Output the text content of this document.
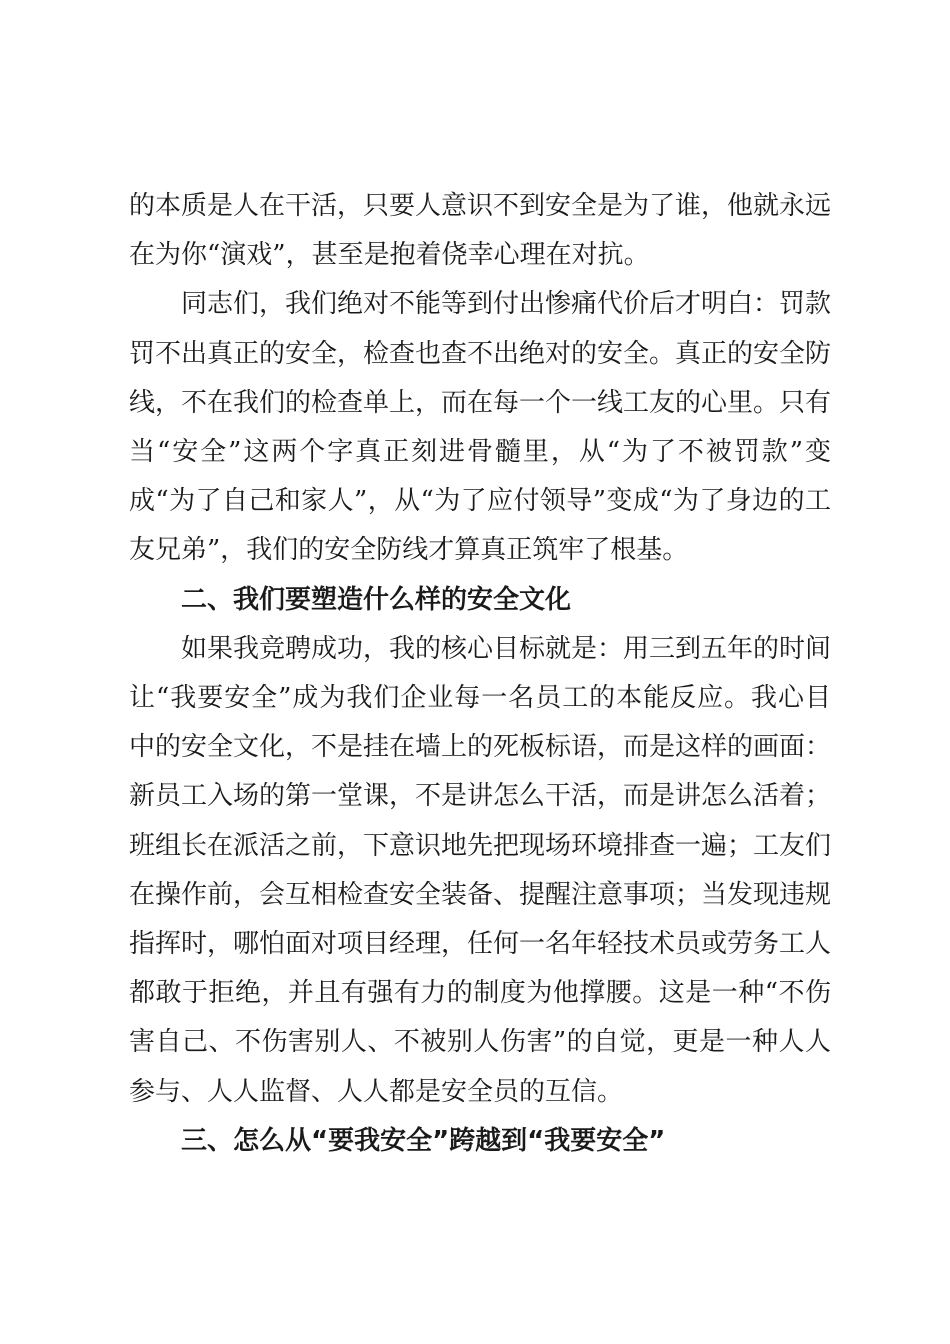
的本质是人在干活，只要人意识不到安全是为了谁，他就永远在为你“演戏”，甚至是抱着侥幸心理在对抗。

同志们，我们绝对不能等到付出惨痛代价后才明白：罚款罚不出真正的安全，检查也查不出绝对的安全。真正的安全防线，不在我们的检查单上，而在每一个一线工友的心里。只有当“安全”这两个字真正刻进骨髓里，从“为了不被罚款”变成“为了自己和家人”，从“为了应付领导”变成“为了身边的工友兄弟”，我们的安全防线才算真正筑牢了根基。

二、我们要塑造什么样的安全文化

如果我竞聘成功，我的核心目标就是：用三到五年的时间让“我要安全”成为我们企业每一名员工的本能反应。我心目中的安全文化，不是挂在墙上的死板标语，而是这样的画面：新员工入场的第一堂课，不是讲怎么干活，而是讲怎么活着；班组长在派活之前，下意识地先把现场环境排查一遍；工友们在操作前，会互相检查安全装备、提醒注意事项；当发现违规指挥时，哪怕面对项目经理，任何一名年轻技术员或劳务工人都敢于拒绝，并且有强有力的制度为他撑腰。这是一种“不伤害自己、不伤害别人、不被别人伤害”的自觉，更是一种人人参与、人人监督、人人都是安全员的互信。

三、怎么从“要我安全”跨越到“我要安全”
